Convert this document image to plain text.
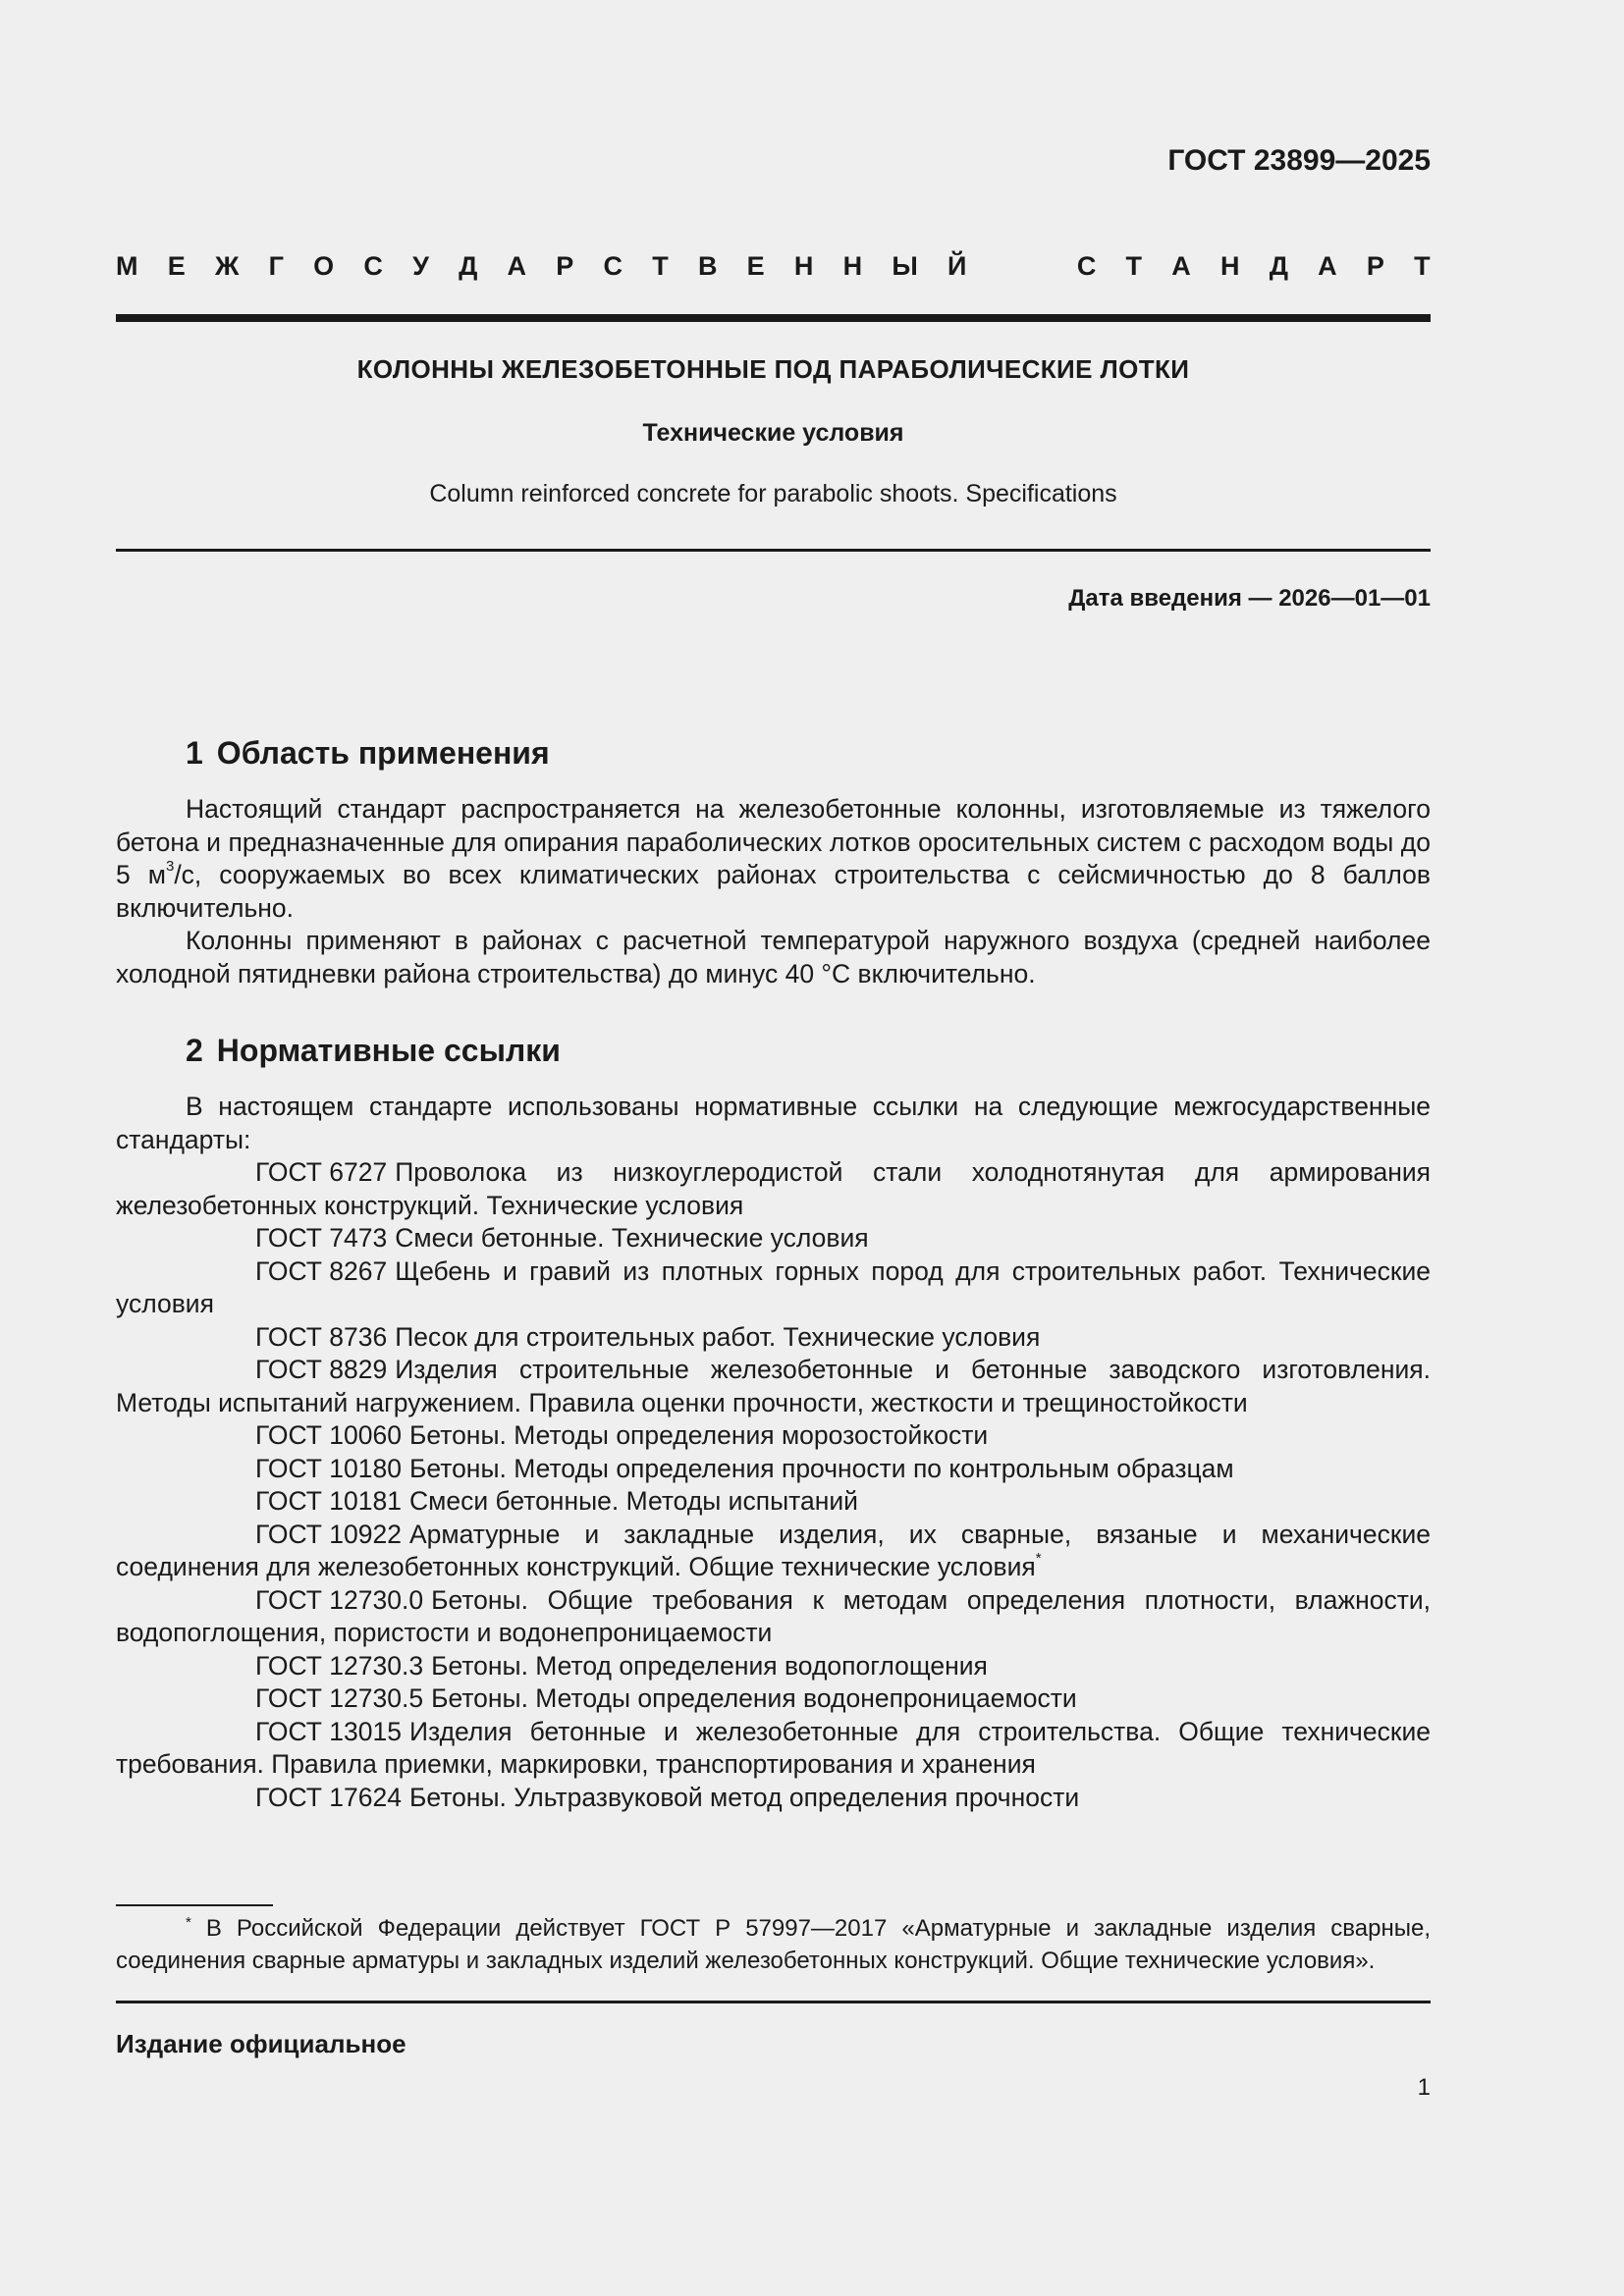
ГОСТ 23899—2025
М Е Ж Г О С У Д А Р С Т В Е Н Н Ы Й	С Т А Н Д А Р Т
КОЛОННЫ ЖЕЛЕЗОБЕТОННЫЕ ПОД ПАРАБОЛИЧЕСКИЕ ЛОТКИ
Технические условия
Column reinforced concrete for parabolic shoots. Specifications
Дата введения — 2026—01—01
1 Область применения

Настоящий стандарт распространяется на железобетонные колонны, изготовляемые из тяжелого бетона и предназначенные для опирания параболических лотков оросительных систем с расходом воды до 5 $м^3/с$, сооружаемых во всех климатических районах строительства с сейсмичностью до 8 баллов включительно.

Колонны применяют в районах с расчетной температурой наружного воздуха (средней наиболее холодной пятидневки района строительства) до минус 40 °С включительно.

2 Нормативные ссылки

В настоящем стандарте использованы нормативные ссылки на следующие межгосударственные стандарты:

ГОСТ 6727 Проволока из низкоуглеродистой стали холоднотянутая для армирования железобетонных конструкций. Технические условия

ГОСТ 7473 Смеси бетонные. Технические условия

ГОСТ 8267 Щебень и гравий из плотных горных пород для строительных работ. Технические условия

ГОСТ 8736 Песок для строительных работ. Технические условия

ГОСТ 8829 Изделия строительные железобетонные и бетонные заводского изготовления. Методы испытаний нагружением. Правила оценки прочности, жесткости и трещиностойкости

ГОСТ 10060 Бетоны. Методы определения морозостойкости

ГОСТ 10180 Бетоны. Методы определения прочности по контрольным образцам

ГОСТ 10181 Смеси бетонные. Методы испытаний

ГОСТ 10922 Арматурные и закладные изделия, их сварные, вязаные и механические соединения для железобетонных конструкций. Общие технические условия*

ГОСТ 12730.0 Бетоны. Общие требования к методам определения плотности, влажности, водопоглощения, пористости и водонепроницаемости

ГОСТ 12730.3 Бетоны. Метод определения водопоглощения

ГОСТ 12730.5 Бетоны. Методы определения водонепроницаемости

ГОСТ 13015 Изделия бетонные и железобетонные для строительства. Общие технические требования. Правила приемки, маркировки, транспортирования и хранения

ГОСТ 17624 Бетоны. Ультразвуковой метод определения прочности

* В Российской Федерации действует ГОСТ Р 57997—2017 «Арматурные и закладные изделия сварные, соединения сварные арматуры и закладных изделий железобетонных конструкций. Общие технические условия».

Издание официальное
1
